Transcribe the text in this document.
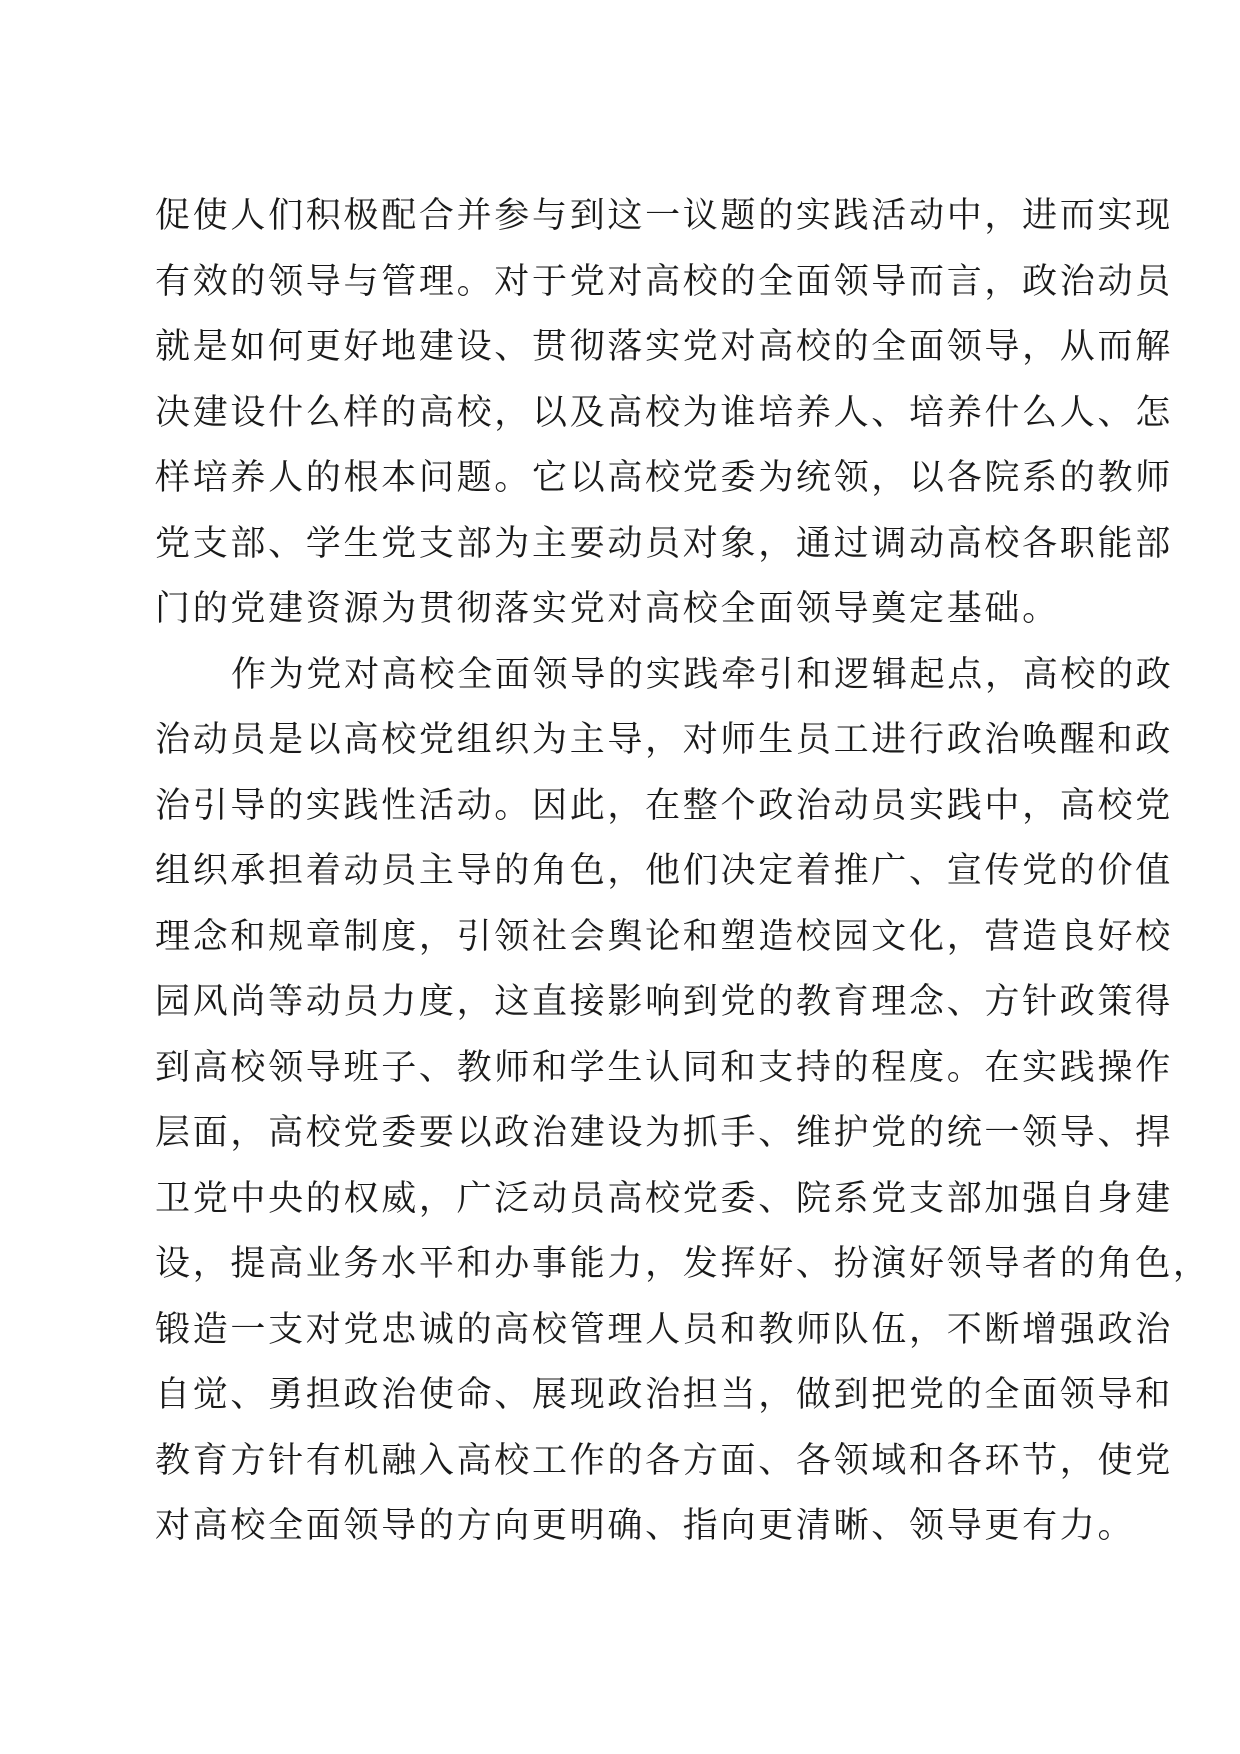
促使人们积极配合并参与到这一议题的实践活动中，进而实现
有效的领导与管理。对于党对高校的全面领导而言，政治动员
就是如何更好地建设、贯彻落实党对高校的全面领导，从而解
决建设什么样的高校，以及高校为谁培养人、培养什么人、怎
样培养人的根本问题。它以高校党委为统领，以各院系的教师
党支部、学生党支部为主要动员对象，通过调动高校各职能部
门的党建资源为贯彻落实党对高校全面领导奠定基础。
作为党对高校全面领导的实践牵引和逻辑起点，高校的政
治动员是以高校党组织为主导，对师生员工进行政治唤醒和政
治引导的实践性活动。因此，在整个政治动员实践中，高校党
组织承担着动员主导的角色，他们决定着推广、宣传党的价值
理念和规章制度，引领社会舆论和塑造校园文化，营造良好校
园风尚等动员力度，这直接影响到党的教育理念、方针政策得
到高校领导班子、教师和学生认同和支持的程度。在实践操作
层面，高校党委要以政治建设为抓手、维护党的统一领导、捍
卫党中央的权威，广泛动员高校党委、院系党支部加强自身建
设，提高业务水平和办事能力，发挥好、扮演好领导者的角色，
锻造一支对党忠诚的高校管理人员和教师队伍，不断增强政治
自觉、勇担政治使命、展现政治担当，做到把党的全面领导和
教育方针有机融入高校工作的各方面、各领域和各环节，使党
对高校全面领导的方向更明确、指向更清晰、领导更有力。
